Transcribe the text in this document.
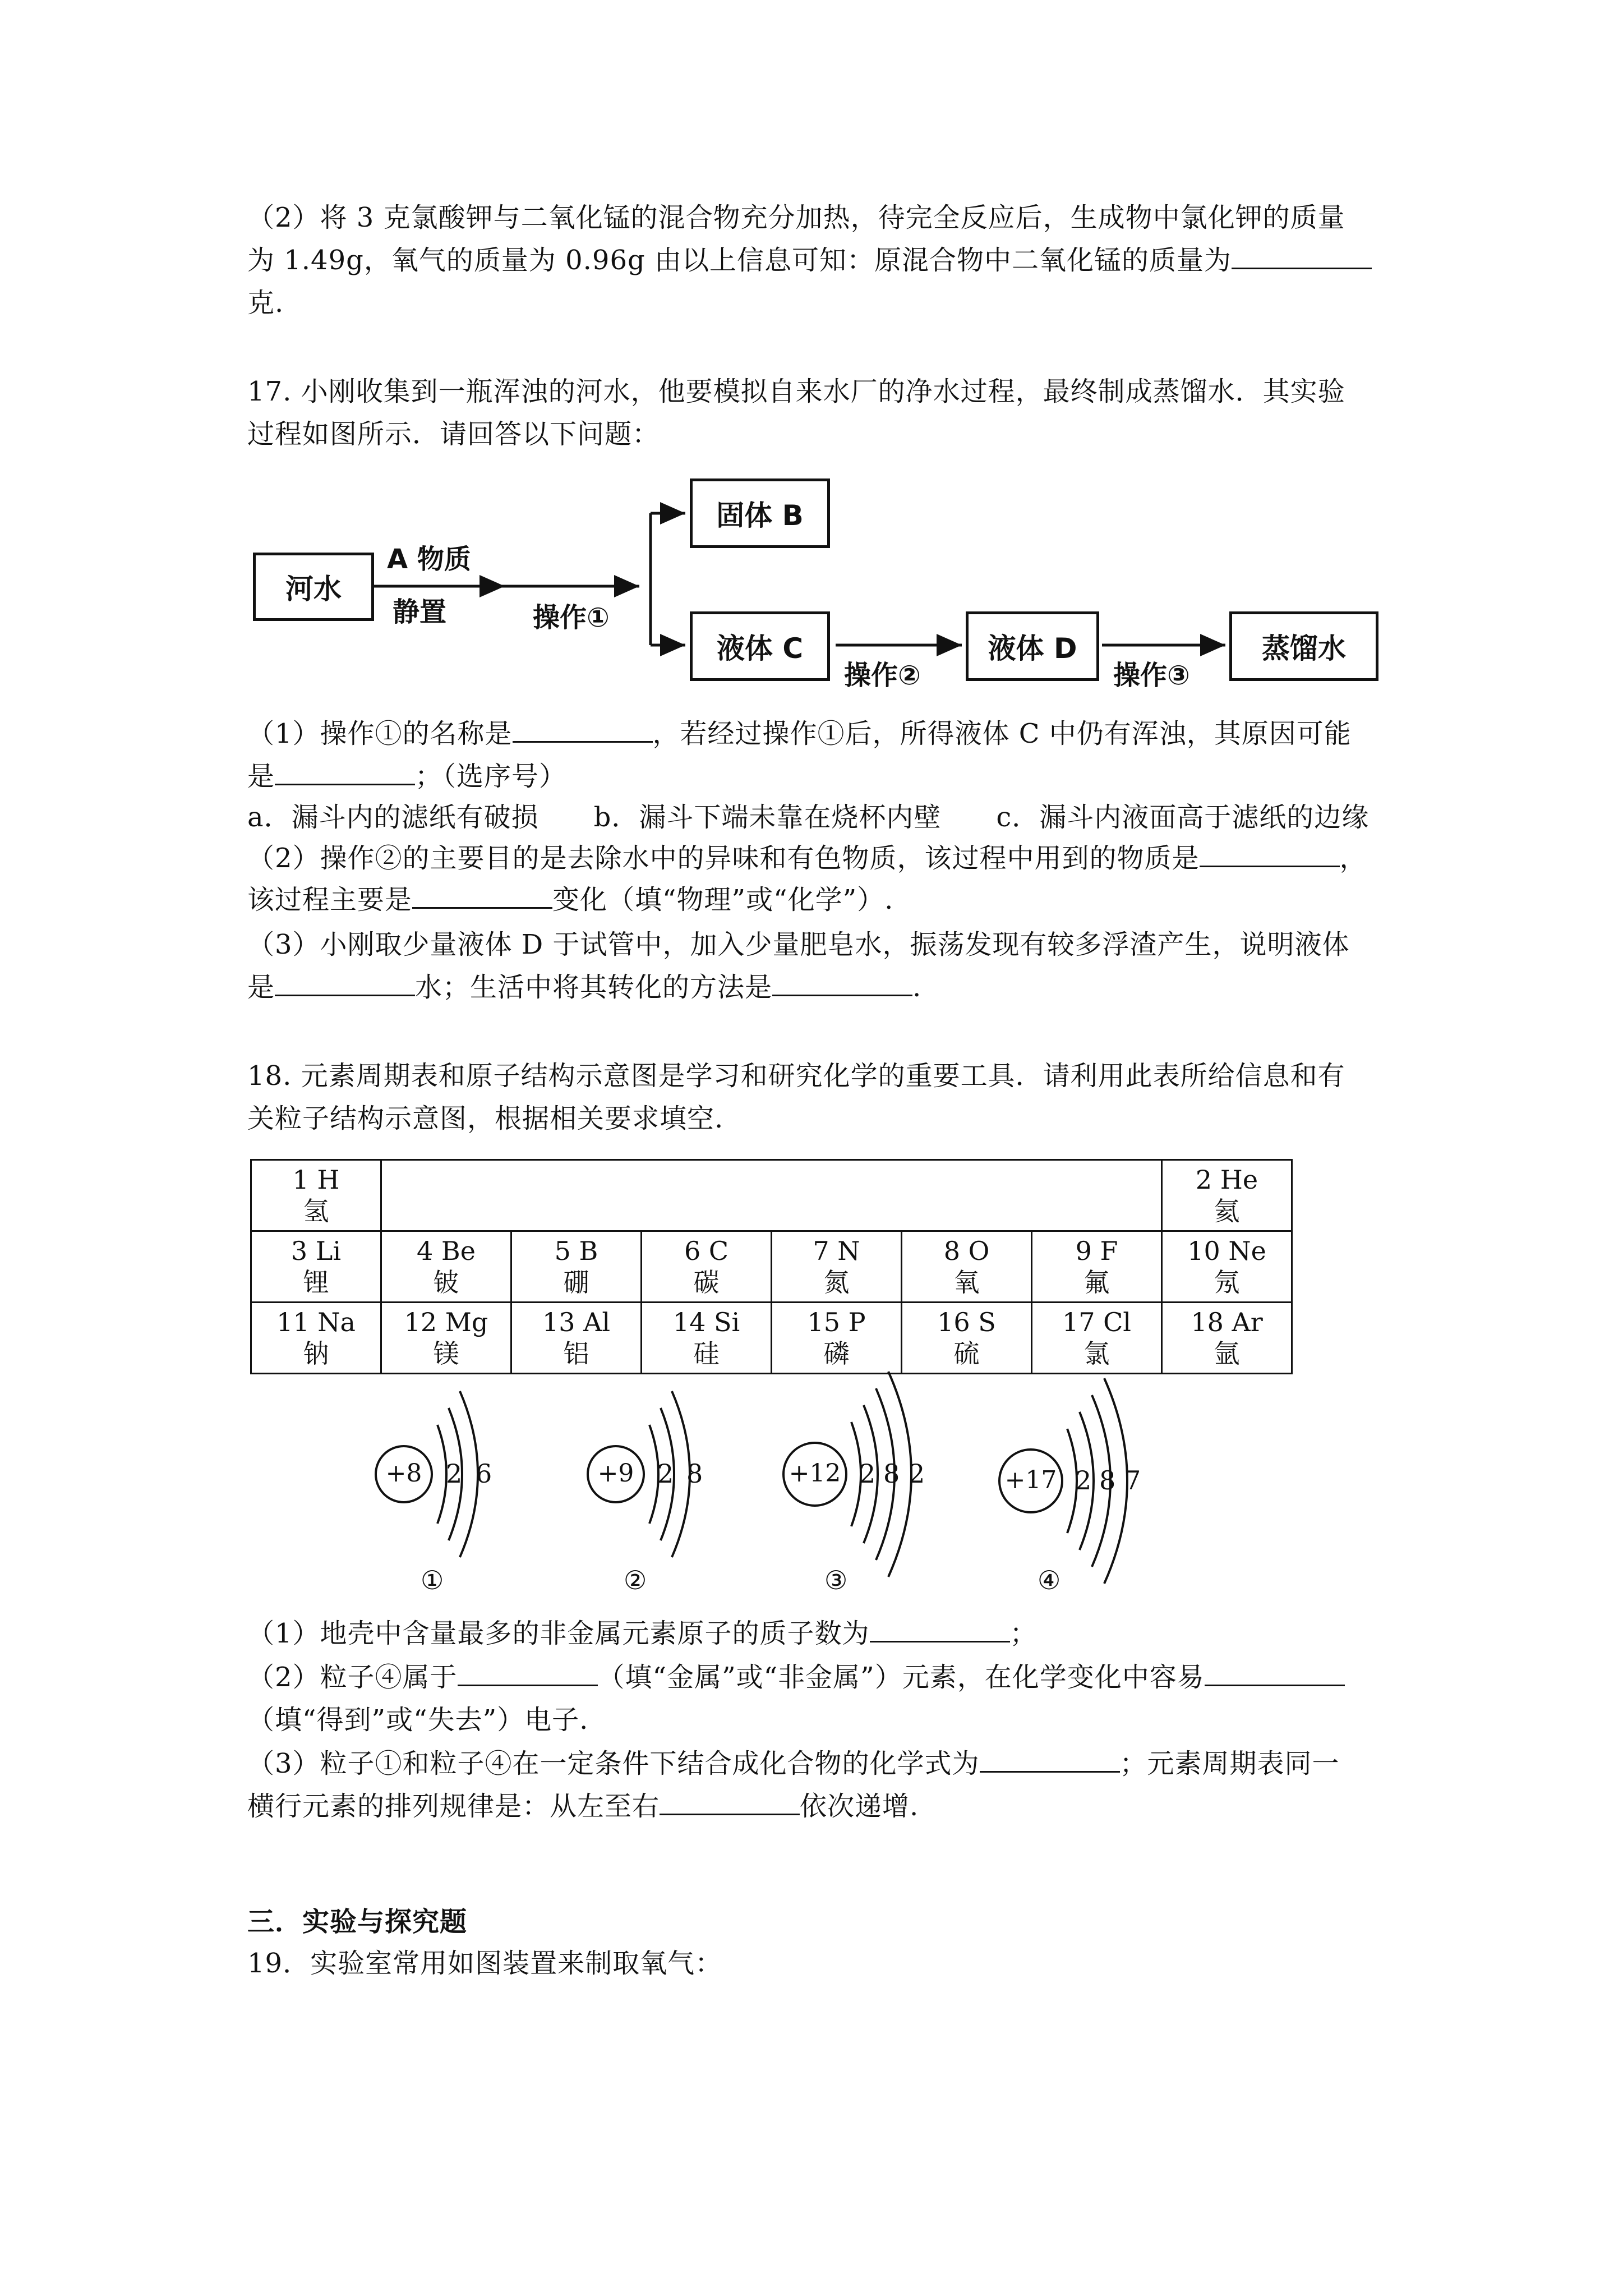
（2）将 3 克氯酸钾与二氧化锰的混合物充分加热，待完全反应后，生成物中氯化钾的质量
为 1.49g，氧气的质量为 0.96g 由以上信息可知：原混合物中二氧化锰的质量为
克.
17. 小刚收集到一瓶浑浊的河水，他要模拟自来水厂的净水过程，最终制成蒸馏水．其实验
过程如图所示．请回答以下问题：
河水
A 物质
静置	操作①
固体 B
液体 C
操作②
液体 D
操作③
蒸馏水
（1）操作①的名称是	，若经过操作①后，所得液体 C 中仍有浑浊，其原因可能
是	；（选序号）
a．漏斗内的滤纸有破损　　b．漏斗下端未靠在烧杯内壁　　c．漏斗内液面高于滤纸的边缘
（2）操作②的主要目的是去除水中的异味和有色物质，该过程中用到的物质是	，
该过程主要是	变化（填“物理”或“化学”）.
（3）小刚取少量液体 D 于试管中，加入少量肥皂水，振荡发现有较多浮渣产生，说明液体
是	水；生活中将其转化的方法是	.
18. 元素周期表和原子结构示意图是学习和研究化学的重要工具．请利用此表所给信息和有
关粒子结构示意图，根据相关要求填空.
1 H
氢							2 He
氦

3 Li
锂	4 Be
铍	5 B
硼	6 C
碳	7 N
氮	8 O
氧	9 F
氟	10 Ne
氖

11 Na
钠	12 Mg
镁	13 Al
铝	14 Si
硅	15 P
磷	16 S
硫	17 Cl
氯	18 Ar
氩
+8 2 6
①
+9 2 8
②
+12 2 8 2
③
+17 2 8 7
④
（1）地壳中含量最多的非金属元素原子的质子数为	；
（2）粒子④属于	（填“金属”或“非金属”）元素，在化学变化中容易
（填“得到”或“失去”）电子.
（3）粒子①和粒子④在一定条件下结合成化合物的化学式为	；元素周期表同一
横行元素的排列规律是：从左至右	依次递增.
三．实验与探究题
19．实验室常用如图装置来制取氧气：
